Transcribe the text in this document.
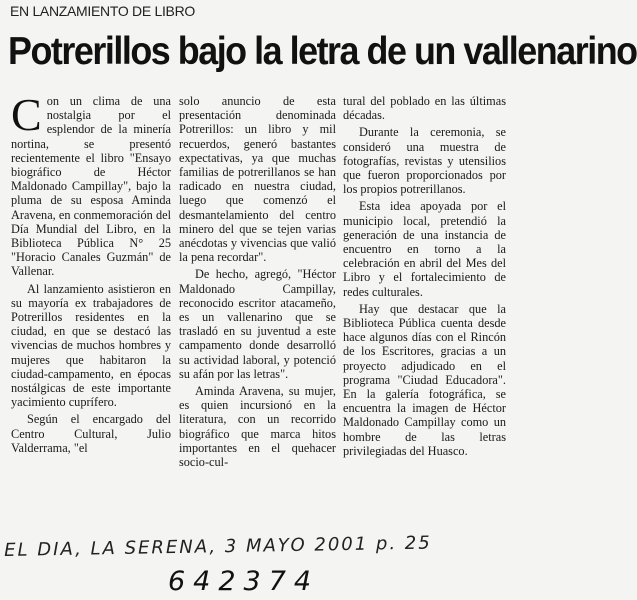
EN LANZAMIENTO DE LIBRO
Potrerillos bajo la letra de un vallenarino

Con un clima de una nostalgia por el esplendor de la minería nortina, se presentó recientemente el libro "Ensayo biográfico de Héctor Maldonado Campillay", bajo la pluma de su esposa Aminda Aravena, en conmemoración del Día Mundial del Libro, en la Biblioteca Pública N° 25 "Horacio Canales Guzmán" de Vallenar.

Al lanzamiento asistieron en su mayoría ex trabajadores de Potrerillos residentes en la ciudad, en que se destacó las vivencias de muchos hombres y mujeres que habitaron la ciudad-campamento, en épocas nostálgicas de este importante yacimiento cuprífero.

Según el encargado del Centro Cultural, Julio Valderrama, "el

solo anuncio de esta presentación denominada Potrerillos: un libro y mil recuerdos, generó bastantes expectativas, ya que muchas familias de potrerillanos se han radicado en nuestra ciudad, luego que comenzó el desmantelamiento del centro minero del que se tejen varias anécdotas y vivencias que valió la pena recordar".

De hecho, agregó, "Héctor Maldonado Campillay, reconocido escritor atacameño, es un vallenarino que se trasladó en su juventud a este campamento donde desarrolló su actividad laboral, y potenció su afán por las letras".

Aminda Aravena, su mujer, es quien incursionó en la literatura, con un recorrido biográfico que marca hitos importantes en el quehacer socio-cul-

tural del poblado en las últimas décadas.

Durante la ceremonia, se consideró una muestra de fotografías, revistas y utensilios que fueron proporcionados por los propios potrerillanos.

Esta idea apoyada por el municipio local, pretendió la generación de una instancia de encuentro en torno a la celebración en abril del Mes del Libro y el fortalecimiento de redes culturales.

Hay que destacar que la Biblioteca Pública cuenta desde hace algunos días con el Rincón de los Escritores, gracias a un proyecto adjudicado en el programa "Ciudad Educadora". En la galería fotográfica, se encuentra la imagen de Héctor Maldonado Campillay como un hombre de las letras privilegiadas del Huasco.

EL DIA, LA SERENA, 3 MAYO 2001 p. 25
642374
